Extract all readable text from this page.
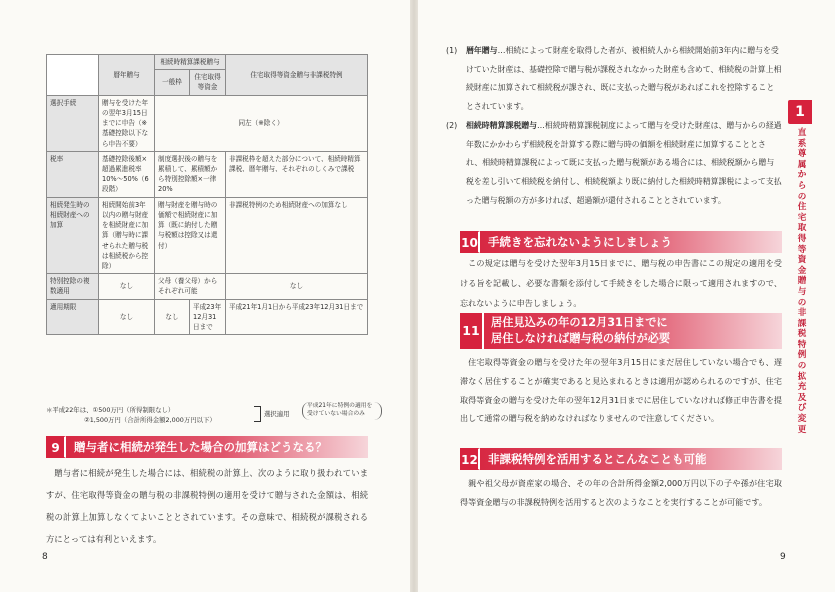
	暦年贈与	相続時精算課税贈与		住宅取得等資金贈与非課税特例
		一般枠	住宅取得等資金	
選択手続	贈与を受けた年の翌年3月15日までに申告（※基礎控除以下なら申告不要）	同左（※除く）		
税率	基礎控除後額×超過累進税率10%～50%（6段階）	制度選択後の贈与を累積して、累積額から特別控除額×一律20%		非課税枠を超えた部分について、相続時精算課税、暦年贈与、それぞれのしくみで課税
相続発生時の相続財産への加算	相続開始前3年以内の贈与財産を相続財産に加算（贈与時に課せられた贈与税は相続税から控除）	贈与財産を贈与時の価額で相続財産に加算（既に納付した贈与税額は控除又は還付）		非課税特例のため相続財産への加算なし
特別控除の複数適用	なし	父母（養父母）からそれぞれ可能		なし
適用期限	なし	なし	平成23年12月31日まで	平成21年1月1日から平成23年12月31日まで
＊平成22年は、①500万円（所得制限なし）
②1,500万円（合計所得金額2,000万円以下）
選択適用
平成21年に特例の適用を受けていない場合のみ
9	贈与者に相続が発生した場合の加算はどうなる？
贈与者に相続が発生した場合には、相続税の計算上、次のように取り扱われていますが、住宅取得等資金の贈与税の非課税特例の適用を受けて贈与された金額は、相続税の計算上加算しなくてよいこととされています。その意味で、相続税が課税される方にとっては有利といえます。
8
(1) 暦年贈与…相続によって財産を取得した者が、被相続人から相続開始前3年内に贈与を受けていた財産は、基礎控除で贈与税が課税されなかった財産も含めて、相続税の計算上相続財産に加算されて相続税が課され、既に支払った贈与税があればこれを控除することとされています。
(2) 相続時精算課税贈与…相続時精算課税制度によって贈与を受けた財産は、贈与からの経過年数にかかわらず相続税を計算する際に贈与時の価額を相続財産に加算することとされ、相続時精算課税によって既に支払った贈与税額がある場合には、相続税額から贈与税を差し引いて相続税を納付し、相続税額より既に納付した相続時精算課税によって支払った贈与税額の方が多ければ、超過額が還付されることとされています。
10 手続きを忘れないようにしましょう
この規定は贈与を受けた翌年3月15日までに、贈与税の申告書にこの規定の適用を受ける旨を記載し、必要な書類を添付して手続きをした場合に限って適用されますので、忘れないように申告しましょう。
11
居住見込みの年の12月31日までに
居住しなければ贈与税の納付が必要
住宅取得等資金の贈与を受けた年の翌年3月15日にまだ居住していない場合でも、遅滞なく居住することが確実であると見込まれるときは適用が認められるのですが、住宅取得等資金の贈与を受けた年の翌年12月31日までに居住していなければ修正申告書を提出して通常の贈与税を納めなければなりませんので注意してください。
12 非課税特例を活用するとこんなことも可能
親や祖父母が資産家の場合、その年の合計所得金額2,000万円以下の子や孫が住宅取得等資金贈与の非課税特例を活用すると次のようなことを実行することが可能です。
9
1
直系尊属からの住宅取得等資金贈与の非課税特例の拡充及び変更
